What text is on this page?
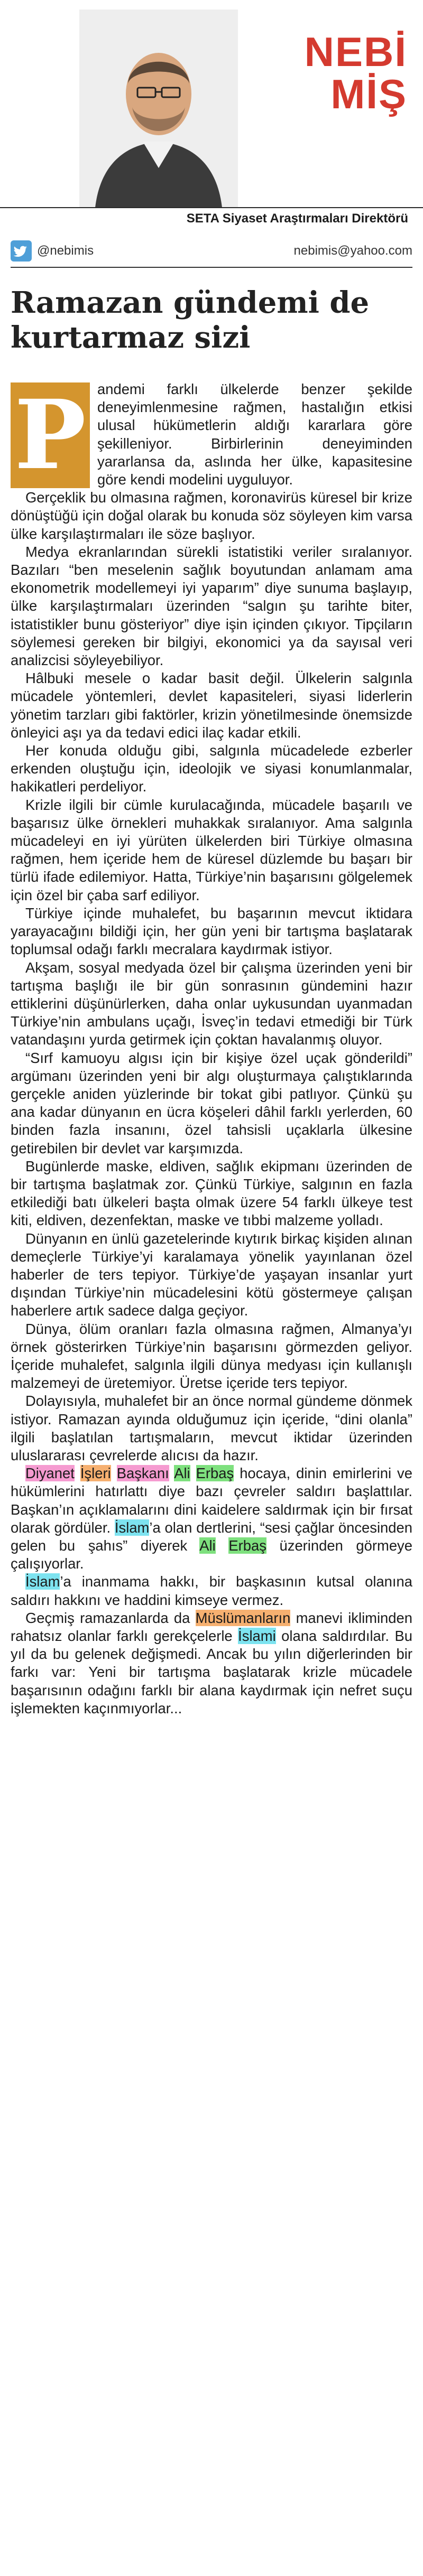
NEBİ
MİŞ
SETA Siyaset Araştırmaları Direktörü
@nebimis	nebimis@yahoo.com
Ramazan gündemi de kurtarmaz sizi
P andemi farklı ülkelerde benzer şekilde deneyimlenmesine rağmen, hastalığın etkisi ulusal hükümetlerin aldığı kararlara göre şekilleniyor. Birbirlerinin deneyiminden yararlansa da, aslında her ülke, kapasitesine göre kendi modelini uyguluyor.

Gerçeklik bu olmasına rağmen, koronavirüs küresel bir krize dönüştüğü için doğal olarak bu konuda söz söyleyen kim varsa ülke karşılaştırmaları ile söze başlıyor.

Medya ekranlarından sürekli istatistiki veriler sıralanıyor. Bazıları “ben meselenin sağlık boyutundan anlamam ama ekonometrik modellemeyi iyi yaparım” diye sunuma başlayıp, ülke karşılaştırmaları üzerinden “salgın şu tarihte biter, istatistikler bunu gösteriyor” diye işin içinden çıkıyor. Tipçiların söylemesi gereken bir bilgiyi, ekonomici ya da sayısal veri analizcisi söyleyebiliyor.

Hâlbuki mesele o kadar basit değil. Ülkelerin salgınla mücadele yöntemleri, devlet kapasiteleri, siyasi liderlerin yönetim tarzları gibi faktörler, krizin yönetilmesinde önemsizde önleyici aşı ya da tedavi edici ilaç kadar etkili.

Her konuda olduğu gibi, salgınla mücadelede ezberler erkenden oluştuğu için, ideolojik ve siyasi konumlanmalar, hakikatleri perdeliyor.

Krizle ilgili bir cümle kurulacağında, mücadele başarılı ve başarısız ülke örnekleri muhakkak sıralanıyor. Ama salgınla mücadeleyi en iyi yürüten ülkelerden biri Türkiye olmasına rağmen, hem içeride hem de küresel düzlemde bu başarı bir türlü ifade edilemiyor. Hatta, Türkiye’nin başarısını gölgelemek için özel bir çaba sarf ediliyor.

Türkiye içinde muhalefet, bu başarının mevcut iktidara yarayacağını bildiği için, her gün yeni bir tartışma başlatarak toplumsal odağı farklı mecralara kaydırmak istiyor.

Akşam, sosyal medyada özel bir çalışma üzerinden yeni bir tartışma başlığı ile bir gün sonrasının gündemini hazır ettiklerini düşünürlerken, daha onlar uykusundan uyanmadan Türkiye’nin ambulans uçağı, İsveç’in tedavi etmediği bir Türk vatandaşını yurda getirmek için çoktan havalanmış oluyor.

“Sırf kamuoyu algısı için bir kişiye özel uçak gönderildi” argümanı üzerinden yeni bir algı oluşturmaya çalıştıklarında gerçekle aniden yüzlerinde bir tokat gibi patlıyor. Çünkü şu ana kadar dünyanın en ücra köşeleri dâhil farklı yerlerden, 60 binden fazla insanını, özel tahsisli uçaklarla ülkesine getirebilen bir devlet var karşımızda.

Bugünlerde maske, eldiven, sağlık ekipmanı üzerinden de bir tartışma başlatmak zor. Çünkü Türkiye, salgının en fazla etkilediği batı ülkeleri başta olmak üzere 54 farklı ülkeye test kiti, eldiven, dezenfektan, maske ve tıbbi malzeme yolladı.

Dünyanın en ünlü gazetelerinde kıytırık birkaç kişiden alınan demeçlerle Türkiye’yi karalamaya yönelik yayınlanan özel haberler de ters tepiyor. Türkiye’de yaşayan insanlar yurt dışından Türkiye’nin mücadelesini kötü göstermeye çalışan haberlere artık sadece dalga geçiyor.

Dünya, ölüm oranları fazla olmasına rağmen, Almanya’yı örnek gösterirken Türkiye’nin başarısını görmezden geliyor. İçeride muhalefet, salgınla ilgili dünya medyası için kullanışlı malzemeyi de üretemiyor. Üretse içeride ters tepiyor.

Dolayısıyla, muhalefet bir an önce normal gündeme dönmek istiyor. Ramazan ayında olduğumuz için içeride, “dini olanla” ilgili başlatılan tartışmaların, mevcut iktidar üzerinden uluslararası çevrelerde alıcısı da hazır.

Diyanet İşleri Başkanı Ali Erbaş hocaya, dinin emirlerini ve hükümlerini hatırlattı diye bazı çevreler saldırı başlattılar. Başkan’ın açıklamalarını dini kaidelere saldırmak için bir fırsat olarak gördüler. İslam’a olan dertlerini, “sesi çağlar öncesinden gelen bu şahıs” diyerek Ali Erbaş üzerinden görmeye çalışıyorlar.

İslam’a inanmama hakkı, bir başkasının kutsal olanına saldırı hakkını ve haddini kimseye vermez.

Geçmiş ramazanlarda da Müslümanların manevi ikliminden rahatsız olanlar farklı gerekçelerle İslami olana saldırdılar. Bu yıl da bu gelenek değişmedi. Ancak bu yılın diğerlerinden bir farkı var: Yeni bir tartışma başlatarak krizle mücadele başarısının odağını farklı bir alana kaydırmak için nefret suçu işlemekten kaçınmıyorlar...
